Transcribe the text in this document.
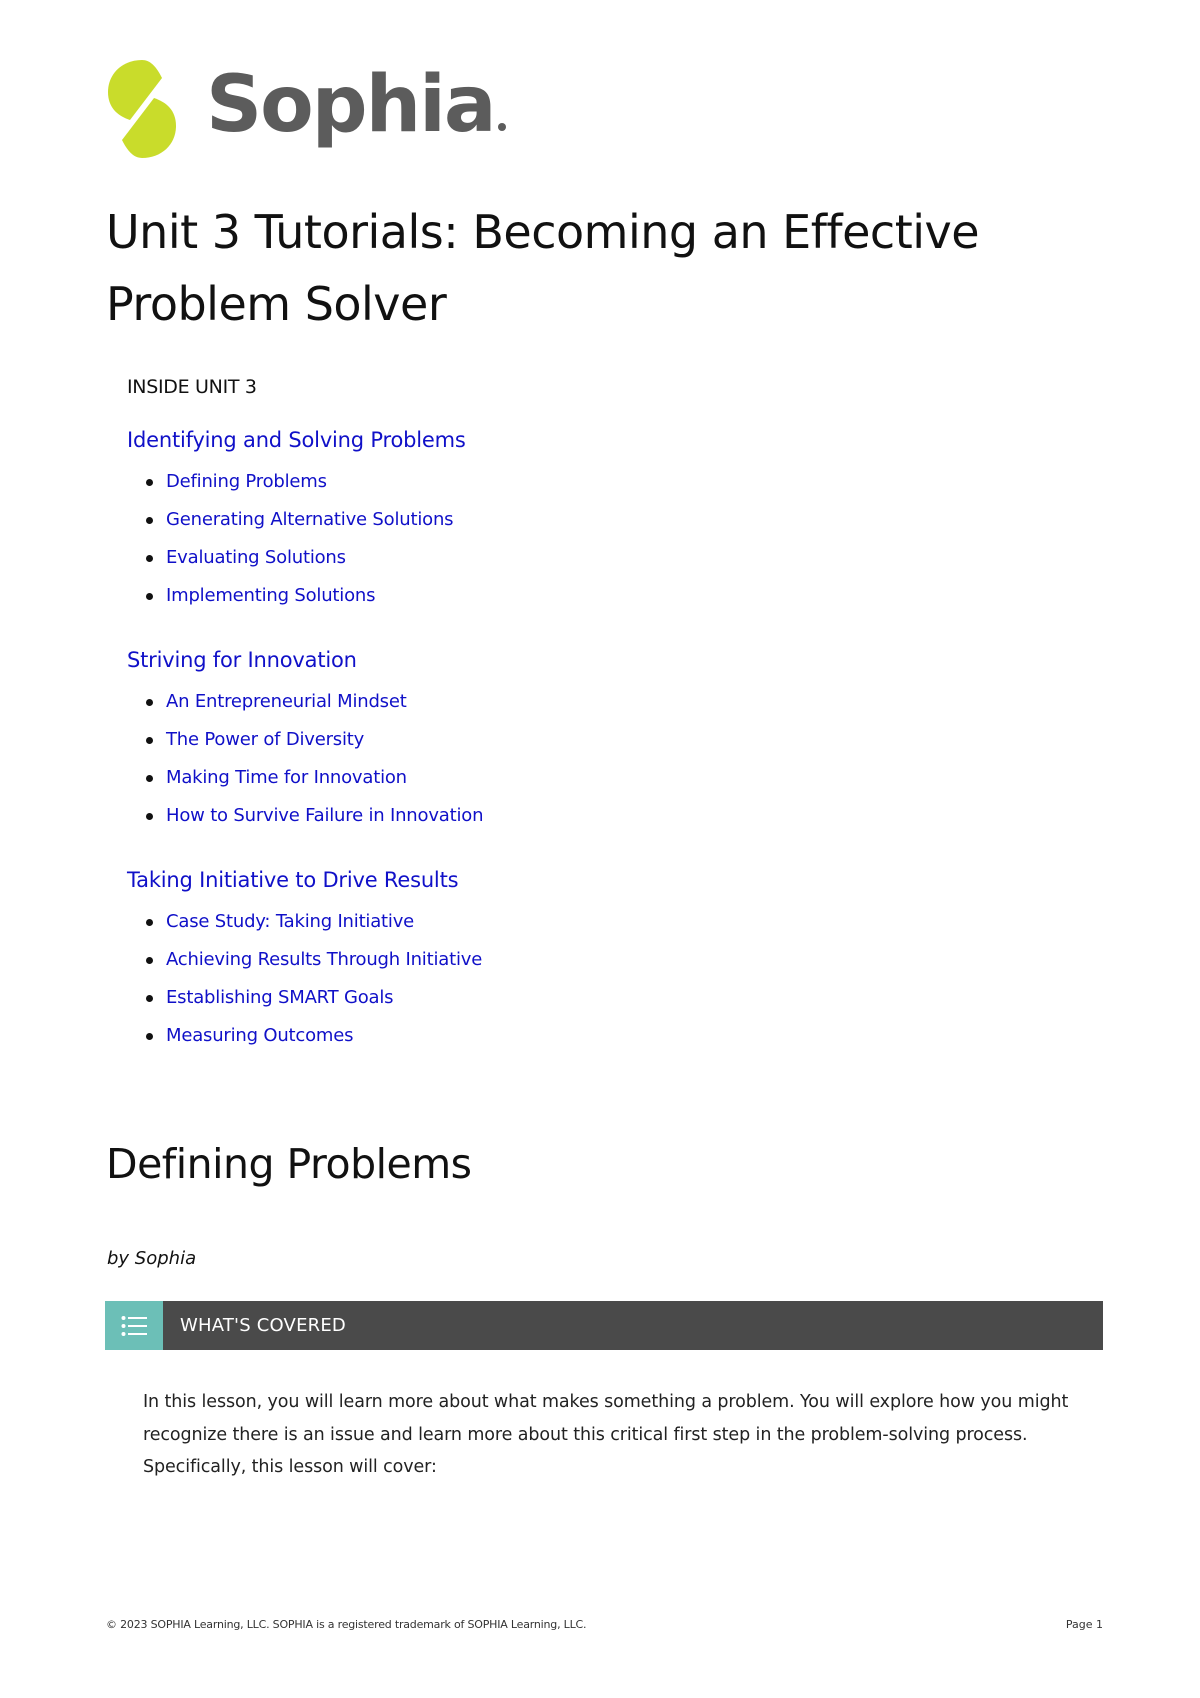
Sophia
Unit 3 Tutorials: Becoming an Effective Problem Solver
INSIDE UNIT 3
Identifying and Solving Problems
Defining Problems
Generating Alternative Solutions
Evaluating Solutions
Implementing Solutions
Striving for Innovation
An Entrepreneurial Mindset
The Power of Diversity
Making Time for Innovation
How to Survive Failure in Innovation
Taking Initiative to Drive Results
Case Study: Taking Initiative
Achieving Results Through Initiative
Establishing SMART Goals
Measuring Outcomes
Defining Problems

by Sophia

WHAT'S COVERED

In this lesson, you will learn more about what makes something a problem. You will explore how you might recognize there is an issue and learn more about this critical first step in the problem-solving process. Specifically, this lesson will cover:

© 2023 SOPHIA Learning, LLC. SOPHIA is a registered trademark of SOPHIA Learning, LLC.	Page 1
